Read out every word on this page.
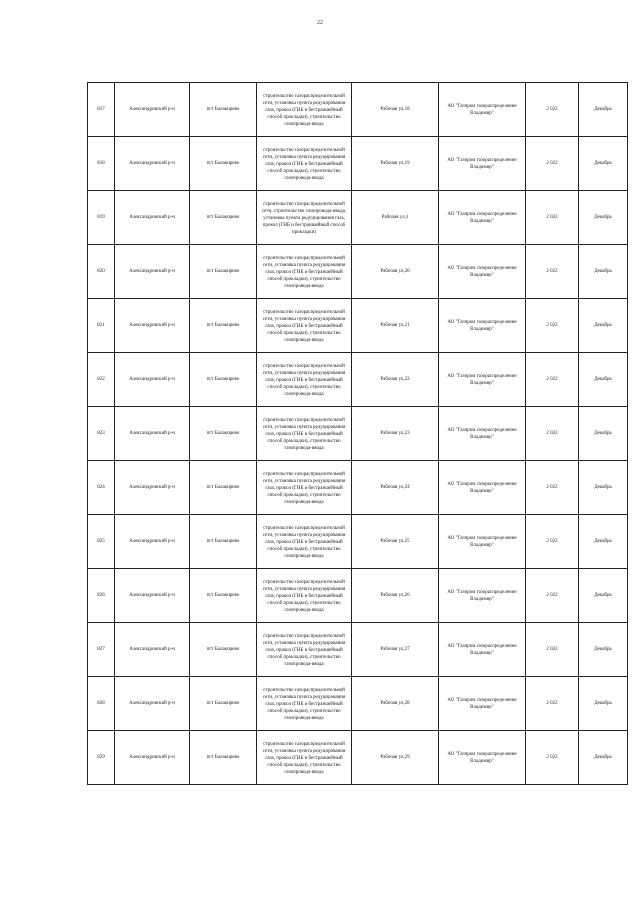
22
817	Александровский р-н	пгт Балакирево	строительство газораспределительной сети, установка пункта редуцирования газа, прокол (ГНБ и бестраншейный способ прокладки), строительство газопровода-ввода	Рабочая ул,18	АО "Газпром газораспределение Владимир"	2 022	Декабрь
818	Александровский р-н	пгт Балакирево	строительство газораспределительной сети, установка пункта редуцирования газа, прокол (ГНБ и бестраншейный способ прокладки), строительство газопровода-ввода	Рабочая ул,19	АО "Газпром газораспределение Владимир"	2 022	Декабрь
819	Александровский р-н	пгт Балакирево	строительство газораспределительной сети, строительство газопровода-ввода, установка пункта редуцирования газа, прокол (ГНБ и бестраншейный способ прокладки)	Рабочая ул,1	АО "Газпром газораспределение Владимир"	2 022	Декабрь
820	Александровский р-н	пгт Балакирево	строительство газораспределительной сети, установка пункта редуцирования газа, прокол (ГНБ и бестраншейный способ прокладки), строительство газопровода-ввода	Рабочая ул,20	АО "Газпром газораспределение Владимир"	2 022	Декабрь
821	Александровский р-н	пгт Балакирево	строительство газораспределительной сети, установка пункта редуцирования газа, прокол (ГНБ и бестраншейный способ прокладки), строительство газопровода-ввода	Рабочая ул,21	АО "Газпром газораспределение Владимир"	2 022	Декабрь
822	Александровский р-н	пгт Балакирево	строительство газораспределительной сети, установка пункта редуцирования газа, прокол (ГНБ и бестраншейный способ прокладки), строительство газопровода-ввода	Рабочая ул,22	АО "Газпром газораспределение Владимир"	2 022	Декабрь
823	Александровский р-н	пгт Балакирево	строительство газораспределительной сети, установка пункта редуцирования газа, прокол (ГНБ и бестраншейный способ прокладки), строительство газопровода-ввода	Рабочая ул,23	АО "Газпром газораспределение Владимир"	2 022	Декабрь
824	Александровский р-н	пгт Балакирево	строительство газораспределительной сети, установка пункта редуцирования газа, прокол (ГНБ и бестраншейный способ прокладки), строительство газопровода-ввода	Рабочая ул,24	АО "Газпром газораспределение Владимир"	2 022	Декабрь
825	Александровский р-н	пгт Балакирево	строительство газораспределительной сети, установка пункта редуцирования газа, прокол (ГНБ и бестраншейный способ прокладки), строительство газопровода-ввода	Рабочая ул,25	АО "Газпром газораспределение Владимир"	2 022	Декабрь
826	Александровский р-н	пгт Балакирево	строительство газораспределительной сети, установка пункта редуцирования газа, прокол (ГНБ и бестраншейный способ прокладки), строительство газопровода-ввода	Рабочая ул,26	АО "Газпром газораспределение Владимир"	2 022	Декабрь
827	Александровский р-н	пгт Балакирево	строительство газораспределительной сети, установка пункта редуцирования газа, прокол (ГНБ и бестраншейный способ прокладки), строительство газопровода-ввода	Рабочая ул,27	АО "Газпром газораспределение Владимир"	2 022	Декабрь
828	Александровский р-н	пгт Балакирево	строительство газораспределительной сети, установка пункта редуцирования газа, прокол (ГНБ и бестраншейный способ прокладки), строительство газопровода-ввода	Рабочая ул,28	АО "Газпром газораспределение Владимир"	2 022	Декабрь
829	Александровский р-н	пгт Балакирево	строительство газораспределительной сети, установка пункта редуцирования газа, прокол (ГНБ и бестраншейный способ прокладки), строительство газопровода-ввода	Рабочая ул,29	АО "Газпром газораспределение Владимир"	2 022	Декабрь
